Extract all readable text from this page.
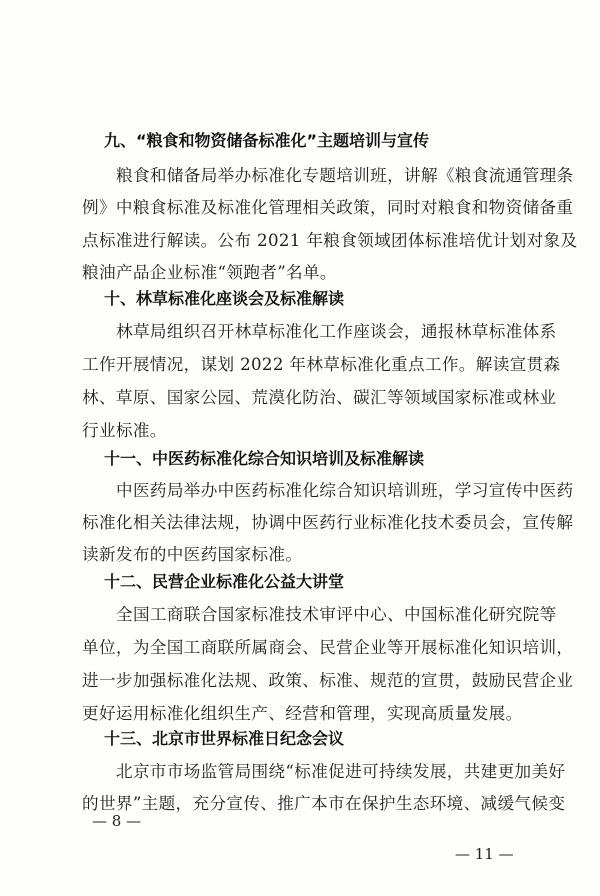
九、“粮食和物资储备标准化”主题培训与宣传
粮食和储备局举办标准化专题培训班，讲解《粮食流通管理条
例》中粮食标准及标准化管理相关政策，同时对粮食和物资储备重
点标准进行解读。公布 2021 年粮食领域团体标准培优计划对象及
粮油产品企业标准“领跑者”名单。
十、林草标准化座谈会及标准解读
林草局组织召开林草标准化工作座谈会，通报林草标准体系
工作开展情况，谋划 2022 年林草标准化重点工作。解读宣贯森
林、草原、国家公园、荒漠化防治、碳汇等领域国家标准或林业
行业标准。
十一、中医药标准化综合知识培训及标准解读
中医药局举办中医药标准化综合知识培训班，学习宣传中医药
标准化相关法律法规，协调中医药行业标准化技术委员会，宣传解
读新发布的中医药国家标准。
十二、民营企业标准化公益大讲堂
全国工商联合国家标准技术审评中心、中国标准化研究院等
单位，为全国工商联所属商会、民营企业等开展标准化知识培训，
进一步加强标准化法规、政策、标准、规范的宣贯，鼓励民营企业
更好运用标准化组织生产、经营和管理，实现高质量发展。
十三、北京市世界标准日纪念会议
北京市市场监管局围绕“标准促进可持续发展，共建更加美好
的世界”主题，充分宣传、推广本市在保护生态环境、减缓气候变
— 8 —
— 11 —
